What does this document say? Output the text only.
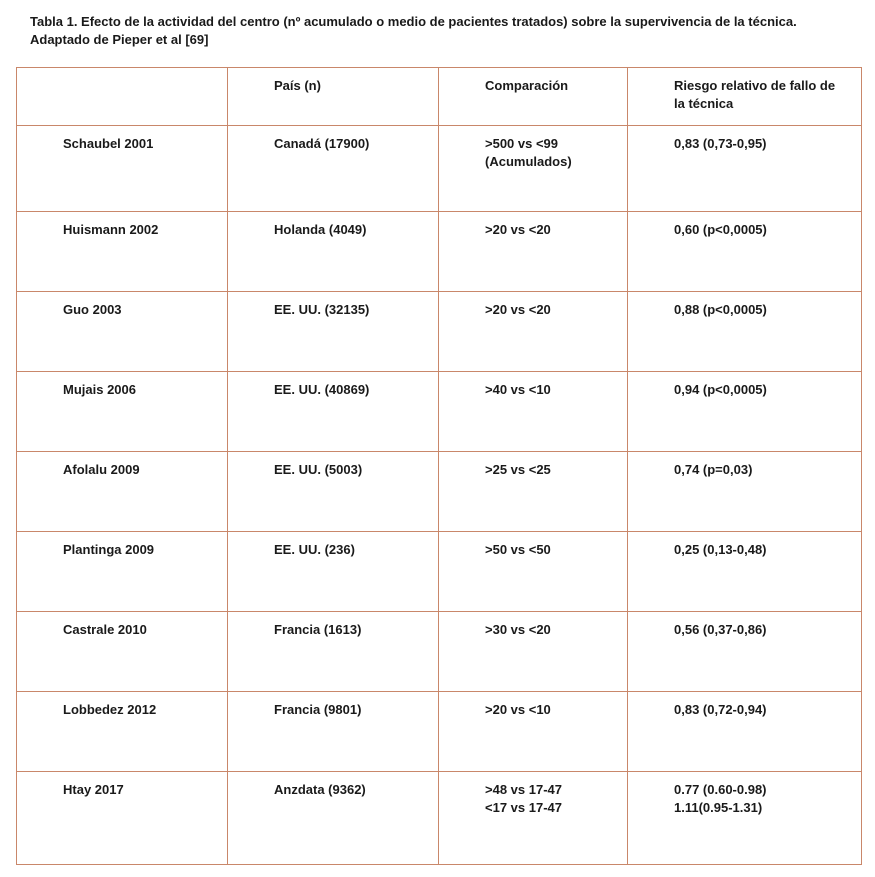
Tabla 1. Efecto de la actividad del centro (nº acumulado o medio de pacientes tratados) sobre la supervivencia de la técnica.
Adaptado de Pieper et al [69]

	País (n)	Comparación	Riesgo relativo de fallo de
la técnica

Schaubel 2001	Canadá (17900)	>500 vs <99
(Acumulados)	0,83 (0,73-0,95)

Huismann 2002	Holanda (4049)	>20 vs <20	0,60 (p<0,0005)

Guo 2003	EE. UU. (32135)	>20 vs <20	0,88 (p<0,0005)

Mujais 2006	EE. UU. (40869)	>40 vs <10	0,94 (p<0,0005)

Afolalu 2009	EE. UU. (5003)	>25 vs <25	0,74 (p=0,03)

Plantinga 2009	EE. UU. (236)	>50 vs <50	0,25 (0,13-0,48)

Castrale 2010	Francia (1613)	>30 vs <20	0,56 (0,37-0,86)

Lobbedez 2012	Francia (9801)	>20 vs <10	0,83 (0,72-0,94)

Htay 2017	Anzdata (9362)	>48 vs 17-47
<17 vs 17-47	0.77 (0.60-0.98)
1.11(0.95-1.31)
